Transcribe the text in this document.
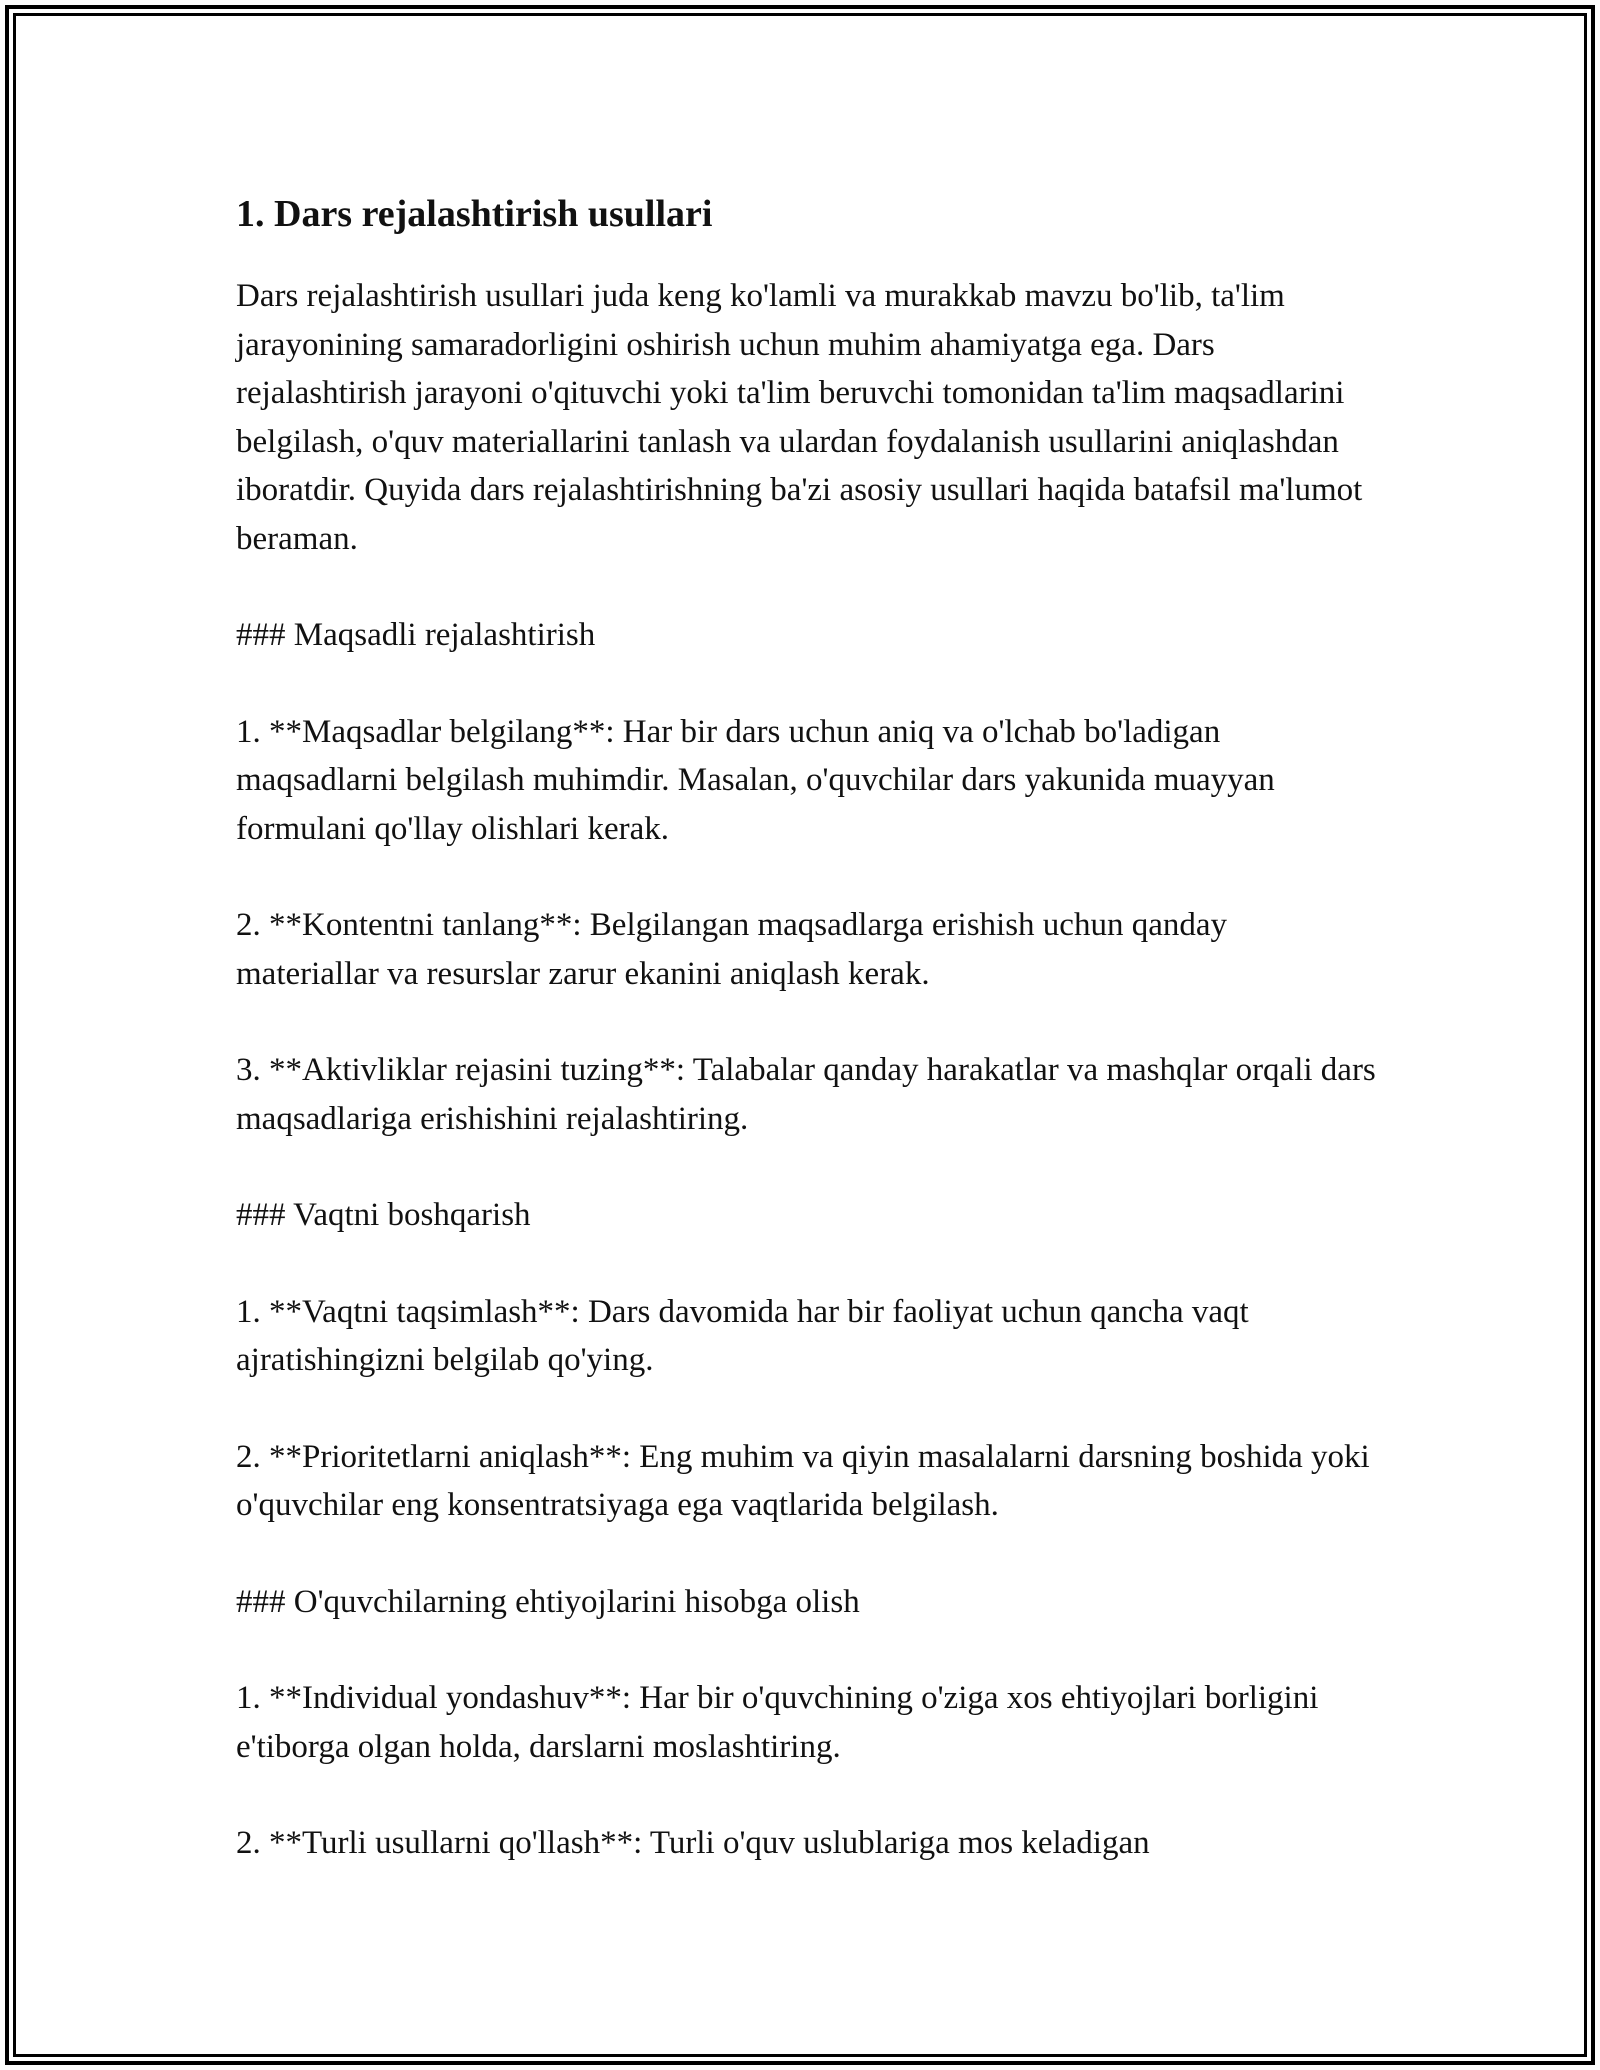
1. Dars rejalashtirish usullari

Dars rejalashtirish usullari juda keng ko'lamli va murakkab mavzu bo'lib, ta'lim jarayonining samaradorligini oshirish uchun muhim ahamiyatga ega. Dars rejalashtirish jarayoni o'qituvchi yoki ta'lim beruvchi tomonidan ta'lim maqsadlarini belgilash, o'quv materiallarini tanlash va ulardan foydalanish usullarini aniqlashdan iboratdir. Quyida dars rejalashtirishning ba'zi asosiy usullari haqida batafsil ma'lumot beraman.

### Maqsadli rejalashtirish

1. **Maqsadlar belgilang**: Har bir dars uchun aniq va o'lchab bo'ladigan maqsadlarni belgilash muhimdir. Masalan, o'quvchilar dars yakunida muayyan formulani qo'llay olishlari kerak.

2. **Kontentni tanlang**: Belgilangan maqsadlarga erishish uchun qanday materiallar va resurslar zarur ekanini aniqlash kerak.

3. **Aktivliklar rejasini tuzing**: Talabalar qanday harakatlar va mashqlar orqali dars maqsadlariga erishishini rejalashtiring.

### Vaqtni boshqarish

1. **Vaqtni taqsimlash**: Dars davomida har bir faoliyat uchun qancha vaqt ajratishingizni belgilab qo'ying.

2. **Prioritetlarni aniqlash**: Eng muhim va qiyin masalalarni darsning boshida yoki o'quvchilar eng konsentratsiyaga ega vaqtlarida belgilash.

### O'quvchilarning ehtiyojlarini hisobga olish

1. **Individual yondashuv**: Har bir o'quvchining o'ziga xos ehtiyojlari borligini e'tiborga olgan holda, darslarni moslashtiring.

2. **Turli usullarni qo'llash**: Turli o'quv uslublariga mos keladigan
